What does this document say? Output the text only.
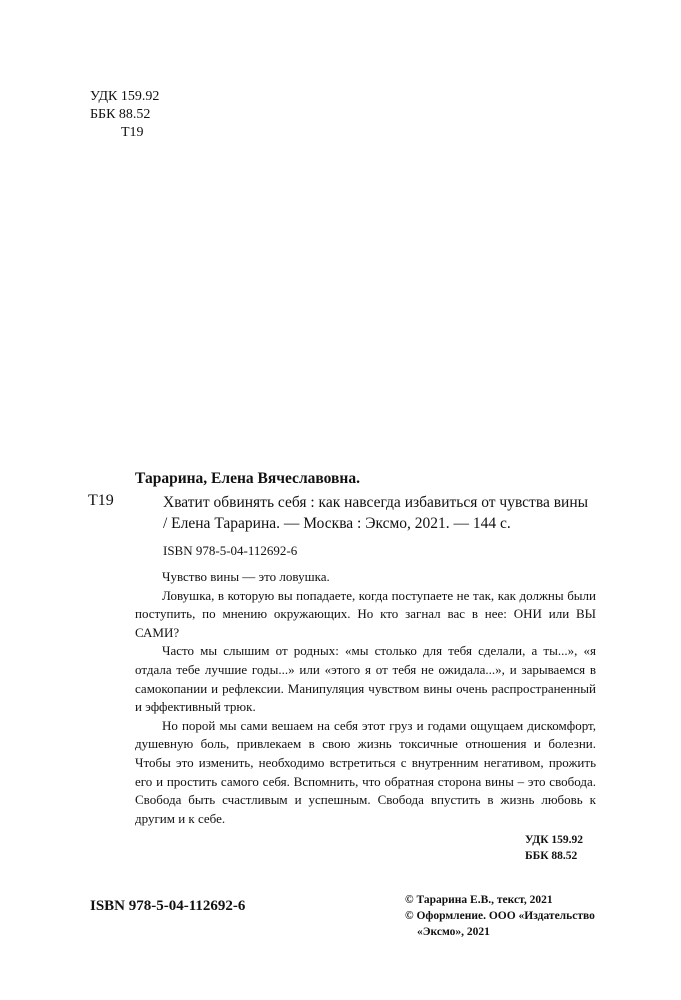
УДК 159.92
ББК 88.52
Т19
Тарарина, Елена Вячеславовна.
Т19	Хватит обвинять себя : как навсегда избавиться от чувства вины / Елена Тарарина. — Москва : Эксмо, 2021. — 144 с.
ISBN 978-5-04-112692-6

Чувство вины — это ловушка.

Ловушка, в которую вы попадаете, когда поступаете не так, как должны были поступить, по мнению окружающих. Но кто загнал вас в нее: ОНИ или ВЫ САМИ?

Часто мы слышим от родных: «мы столько для тебя сделали, а ты...», «я отдала тебе лучшие годы...» или «этого я от тебя не ожидала...», и зарываемся в самокопании и рефлексии. Манипуляция чувством вины очень распространенный и эффективный трюк.

Но порой мы сами вешаем на себя этот груз и годами ощущаем дискомфорт, душевную боль, привлекаем в свою жизнь токсичные отношения и болезни. Чтобы это изменить, необходимо встретиться с внутренним негативом, прожить его и простить самого себя. Вспомнить, что обратная сторона вины – это свобода. Свобода быть счастливым и успешным. Свобода впустить в жизнь любовь к другим и к себе.

УДК 159.92
ББК 88.52
ISBN 978-5-04-112692-6	© Тарарина Е.В., текст, 2021
© Оформление. ООО «Издательство
«Эксмо», 2021
